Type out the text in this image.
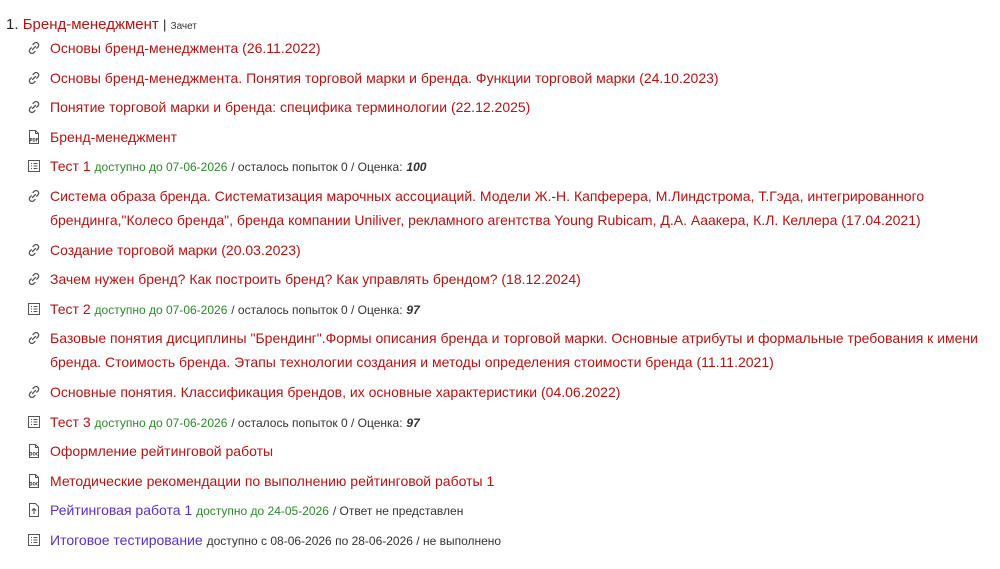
1. Бренд-менеджмент | Зачет
Основы бренд-менеджмента (26.11.2022)
Основы бренд-менеджмента. Понятия торговой марки и бренда. Функции торговой марки (24.10.2023)
Понятие торговой марки и бренда: специфика терминологии (22.12.2025)
PDF Бренд-менеджмент
Тест 1 доступно до 07-06-2026 / осталось попыток 0 / Оценка: 100
Система образа бренда. Систематизация марочных ассоциаций. Модели Ж.-Н. Капферера, М.Линдстрома, Т.Гэда, интегрированного брендинга,"Колесо бренда", бренда компании Uniliver, рекламного агентства Young Rubicam, Д.А. Аaакера, К.Л. Келлера (17.04.2021)
Создание торговой марки (20.03.2023)
Зачем нужен бренд? Как построить бренд? Как управлять брендом? (18.12.2024)
Тест 2 доступно до 07-06-2026 / осталось попыток 0 / Оценка: 97
Базовые понятия дисциплины "Брендинг".Формы описания бренда и торговой марки. Основные атрибуты и формальные требования к имени бренда. Стоимость бренда. Этапы технологии создания и методы определения стоимости бренда (11.11.2021)
Основные понятия. Классификация брендов, их основные характеристики (04.06.2022)
Тест 3 доступно до 07-06-2026 / осталось попыток 0 / Оценка: 97
DOC Оформление рейтинговой работы
DOC Методические рекомендации по выполнению рейтинговой работы 1
Рейтинговая работа 1 доступно до 24-05-2026 / Ответ не представлен
Итоговое тестирование доступно с 08-06-2026 по 28-06-2026 / не выполнено
